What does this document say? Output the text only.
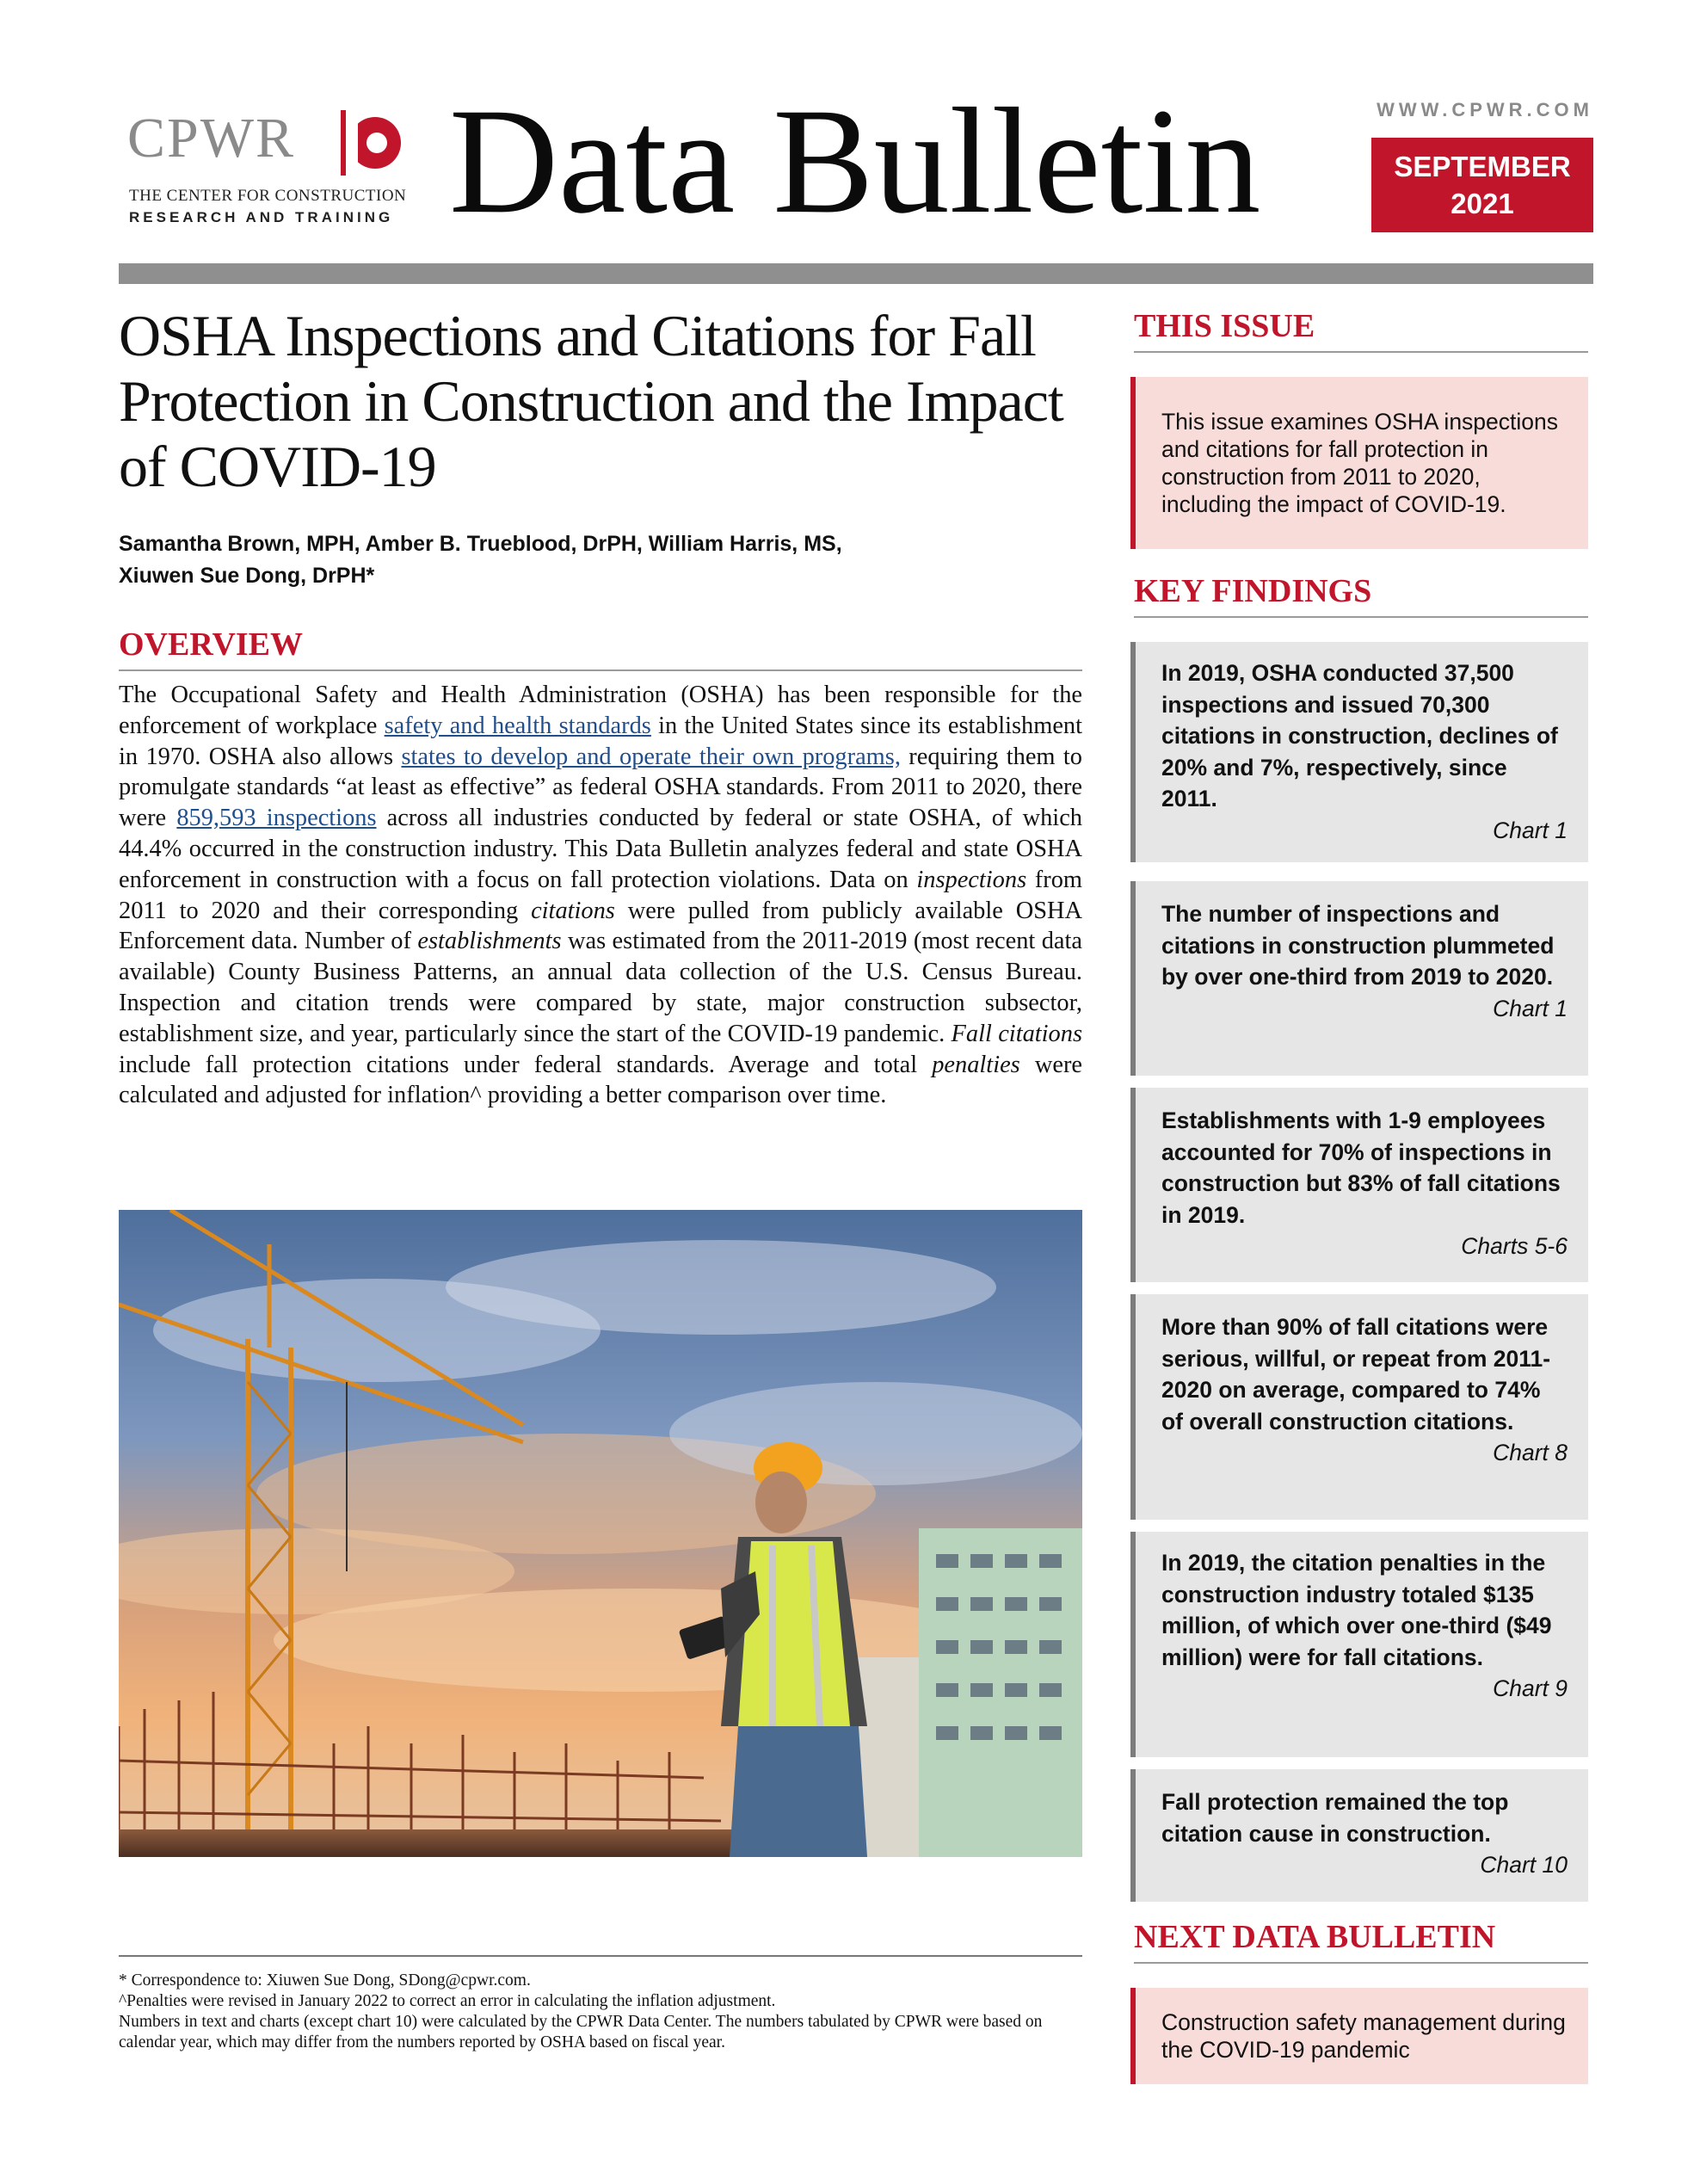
CPWR
THE CENTER FOR CONSTRUCTION
RESEARCH AND TRAINING Data Bulletin	WWW.CPWR.COM
SEPTEMBER
2021
OSHA Inspections and Citations for Fall Protection in Construction and the Impact of COVID-19
Samantha Brown, MPH, Amber B. Trueblood, DrPH, William Harris, MS,
Xiuwen Sue Dong, DrPH*
OVERVIEW
The Occupational Safety and Health Administration (OSHA) has been responsible for the enforcement of workplace safety and health standards in the United States since its establishment in 1970. OSHA also allows states to develop and operate their own programs, requiring them to promulgate standards “at least as effective” as federal OSHA standards. From 2011 to 2020, there were 859,593 inspections across all industries conducted by federal or state OSHA, of which 44.4% occurred in the construction industry. This Data Bulletin analyzes federal and state OSHA enforcement in construction with a focus on fall protection violations. Data on inspections from 2011 to 2020 and their corresponding citations were pulled from publicly available OSHA Enforcement data. Number of establishments was estimated from the 2011-2019 (most recent data available) County Business Patterns, an annual data collection of the U.S. Census Bureau. Inspection and citation trends were compared by state, major construction subsector, establishment size, and year, particularly since the start of the COVID-19 pandemic. Fall citations include fall protection citations under federal standards. Average and total penalties were calculated and adjusted for inflation^ providing a better comparison over time.
* Correspondence to: Xiuwen Sue Dong, SDong@cpwr.com.
^Penalties were revised in January 2022 to correct an error in calculating the inflation adjustment.
Numbers in text and charts (except chart 10) were calculated by the CPWR Data Center. The numbers tabulated by CPWR were based on calendar year, which may differ from the numbers reported by OSHA based on fiscal year.
THIS ISSUE
This issue examines OSHA inspections and citations for fall protection in construction from 2011 to 2020, including the impact of COVID-19.
KEY FINDINGS
In 2019, OSHA conducted 37,500 inspections and issued 70,300 citations in construction, declines of 20% and 7%, respectively, since 2011.
Chart 1
The number of inspections and citations in construction plummeted by over one-third from 2019 to 2020.
Chart 1
Establishments with 1-9 employees accounted for 70% of inspections in construction but 83% of fall citations in 2019.
Charts 5-6
More than 90% of fall citations were serious, willful, or repeat from 2011-2020 on average, compared to 74% of overall construction citations.
Chart 8
In 2019, the citation penalties in the construction industry totaled $135 million, of which over one-third ($49 million) were for fall citations.
Chart 9
Fall protection remained the top citation cause in construction.
Chart 10
NEXT DATA BULLETIN
Construction safety management during the COVID-19 pandemic
